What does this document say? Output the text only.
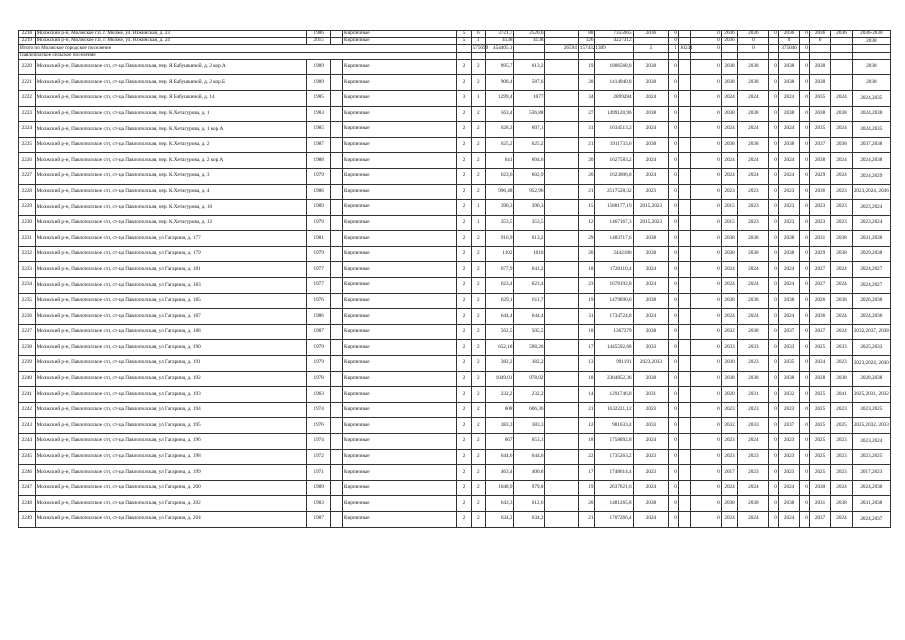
2218	Молжский р-н, Молжское г.п. г. Молже, ул. Южинская, д. 23	1986		Кирпичные	5	6	3721,7	2520,6		88	7355965	2036	0		0	2036	2036	0	2036	0	2036	2036	2036-2038
2219	Молжский р-н, Молжское г.п. г. Молже, ул. Южинская, д. 24	2015		Кирпичные	5	1	4138	4138		126	4227312		0		0	2036	0		0		0		2038
Итого по Молжское городское поселение						575699	454405,1		26594	1574321389		5	1	10231	0		0		375046	0			
Павлополское сельское поселение																							
2220	Молжский р-н, Павлополское с/п, ст-ца Павлополская, пер. Я Бабушкиной, д. 2 кор.А	1989		Кирпичные	2	2	895,7	613,2		19	1806568,8	2038	0		0	2038	2038	0	2038	0	2038		2038
2221	Молжский р-н, Павлополское с/п, ст-ца Павлополская, пер. Я Бабушкиной, д. 2 кор.Б	1989		Кирпичные	2	2	908,4	587,6		28	1414940,8	2038	0		0	2038	2038	0	2038	0	2038		2038
2222	Молжский р-н, Павлополское с/п, ст-ца Павлополская, пер. Я Бабушкиной, д. 14	1985		Кирпичные	3	1	1299,4	1077		34	2899284	2024	0		0	2024	2024	0	2024	0	2035	2024	2024,2035
2223	Молжский р-н, Павлополское с/п, ст-ца Павлополская, пер. К.Хетагурова, д. 1	1983		Кирпичные	2	2	563,4	536,88		27	1499120,96	2038	0		0	2038	2038	0	2038	0	2038	2038	2024,2038
2224	Молжский р-н, Павлополское с/п, ст-ца Павлополская, пер. К.Хетагурова, д. 1 кор.А	1985		Кирпичные	2	2	628,3	607,1		31	1634513,2	2024	0		0	2024	2024	0	2024	0	2035	2024	2024,2035
2225	Молжский р-н, Павлополское с/п, ст-ца Павлополская, пер. К.Хетагурова, д. 2	1987		Кирпичные	2	2	625,2	625,2		21	1911733,6	2038	0		0	2038	2038	0	2038	0	2037	2038	2037,2038
2226	Молжский р-н, Павлополское с/п, ст-ца Павлополская, пер. К.Хетагурова, д. 2 кор.А	1988		Кирпичные	2	2	641	604,6		20	1627583,2	2024	0		0	2024	2024	0	2024	0	2038	2024	2024,2038
2227	Молжский р-н, Павлополское с/п, ст-ца Павлополская, пер. К.Хетагурова, д. 3	1979		Кирпичные	2	2	623,6	602,9		20	1623006,8	2024	0		0	2024	2024	0	2024	0	2029	2024	2024,2029
2228	Молжский р-н, Павлополское с/п, ст-ца Павлополская, пер. К.Хетагурова, д. 4	1986		Кирпичные	2	2	996,48	952,96		21	2517528,32	2023	0		0	2023	2023	0	2023	0	2036	2023	2023,2024, 2036
2229	Молжский р-н, Павлополское с/п, ст-ца Павлополская, пер. К.Хетагурова, д. 10	1989		Кирпичные	2	1	390,3	390,3		15	1588177,19	2015,2023	0		0	2015	2023	0	2023	0	2023	2023	2023,2024
2230	Молжский р-н, Павлополское с/п, ст-ца Павлополская, пер. К.Хетагурова, д. 12	1979		Кирпичные	2	1	353,5	353,5		12	1467167,3	2015,2023	0		0	2015	2023	0	2023	0	2023	2023	2023,2024
2231	Молжский р-н, Павлополское с/п, ст-ца Павлополская, ул Гагарина, д. 177	1981		Кирпичные	2	2	916,9	613,2		29	1483717,6	2038	0		0	2038	2038	0	2038	0	2031	2038	2031,2038
2232	Молжский р-н, Павлополское с/п, ст-ца Павлополская, ул Гагарина, д. 179	1979		Кирпичные	2	2	1102	1010		20	2442180	2038	0		0	2038	2038	0	2038	0	2029	2038	2029,2038
2233	Молжский р-н, Павлополское с/п, ст-ца Павлополская, ул Гагарина, д. 181	1977		Кирпичные	2	2	677,9	641,2		18	1720110,4	2024	0		0	2024	2024	0	2024	0	2027	2024	2024,2027
2234	Молжский р-н, Павлополское с/п, ст-ца Павлополская, ул Гагарина, д. 183	1977		Кирпичные	2	2	623,4	623,4		23	1678192,8	2024	0		0	2024	2024	0	2024	0	2027	2024	2024,2027
2235	Молжский р-н, Павлополское с/п, ст-ца Павлополская, ул Гагарина, д. 185	1976		Кирпичные	2	2	629,1	611,7		19	1479690,6	2038	0		0	2038	2038	0	2038	0	2026	2038	2026,2038
2236	Молжский р-н, Павлополское с/п, ст-ца Павлополская, ул Гагарина, д. 187	1986		Кирпичные	2	2	644,4	644,4		31	1734724,8	2024	0		0	2024	2024	0	2024	0	2036	2024	2024,2036
2237	Молжский р-н, Павлополское с/п, ст-ца Павлополская, ул Гагарина, д. 188	1987		Кирпичные	2	2	562,5	505,5		18	1367379	2038	0		0	2032	2038	0	2037	0	2037	2024	2032,2037, 2038
2238	Молжский р-н, Павлополское с/п, ст-ца Павлополская, ул Гагарина, д. 190	1979		Кирпичные	2	2	652,18	598,26		17	1445592,68	2033	0		0	2033	2033	0	2033	0	2025	2033	2025,2033
2239	Молжский р-н, Павлополское с/п, ст-ца Павлополская, ул Гагарина, д. 191	1979		Кирпичные	2	2	382,2	382,2		13	991191	2023,2033	0		0	2030	2023	0	2035	0	2024	2023	2023,2024, 2030
2240	Молжский р-н, Павлополское с/п, ст-ца Павлополская, ул Гагарина, д. 192	1978		Кирпичные	2	2	1049,01	978,02		18	2364852,36	2038	0		0	2038	2038	0	2038	0	2028	2038	2028,2038
2241	Молжский р-н, Павлополское с/п, ст-ца Павлополская, ул Гагарина, д. 193	1963		Кирпичные	2	2	232,2	232,2		14	1291746,8	2031	0		0	2020	2031	0	2032	0	2025	2041	2025,2031, 2032
2242	Молжский р-н, Павлополское с/п, ст-ца Павлополская, ул Гагарина, д. 194	1974		Кирпичные	2	2	608	606,36		21	1632221,12	2023	0		0	2023	2023	0	2023	0	2025	2023	2023,2025
2243	Молжский р-н, Павлополское с/п, ст-ца Павлополская, ул Гагарина, д. 195	1976		Кирпичные	2	2	383,3	383,3		12	981633,4	2033	0		0	2032	2033	0	2037	0	2025	2025	2025,2032, 2033
2244	Молжский р-н, Павлополское с/п, ст-ца Павлополская, ул Гагарина, д. 196	1974		Кирпичные	2	2	667	653,1		18	1758092,8	2024	0		0	2023	2024	0	2023	0	2025	2023	2023,2024
2245	Молжский р-н, Павлополское с/п, ст-ца Павлополская, ул Гагарина, д. 198	1972		Кирпичные	2	2	644,6	644,6		22	1735263,2	2023	0		0	2023	2023	0	2023	0	2025	2023	2023,2025
2246	Молжский р-н, Павлополское с/п, ст-ца Павлополская, ул Гагарина, д. 199	1971		Кирпичные	2	2	463,4	400,8		17	1748614,4	2023	0		0	2017	2023	0	2023	0	2025	2023	2017,2023
2247	Молжский р-н, Павлополское с/п, ст-ца Павлополская, ул Гагарина, д. 200	1989		Кирпичные	2	2	1048,9	979,8		19	2637621,6	2024	0		0	2024	2024	0	2024	0	2030	2024	2024,2030
2248	Молжский р-н, Павлополское с/п, ст-ца Павлополская, ул Гагарина, д. 202	1983		Кирпичные	2	2	643,3	612,6		20	1481265,8	2038	0		0	2038	2038	0	2038	0	2031	2038	2031,2038
2249	Молжский р-н, Павлополское с/п, ст-ца Павлополская, ул Гагарина, д. 204	1987		Кирпичные	2	2	634,2	634,2		21	1707266,4	2024	0		0	2024	2024	0	2024	0	2037	2024	2024,2037
